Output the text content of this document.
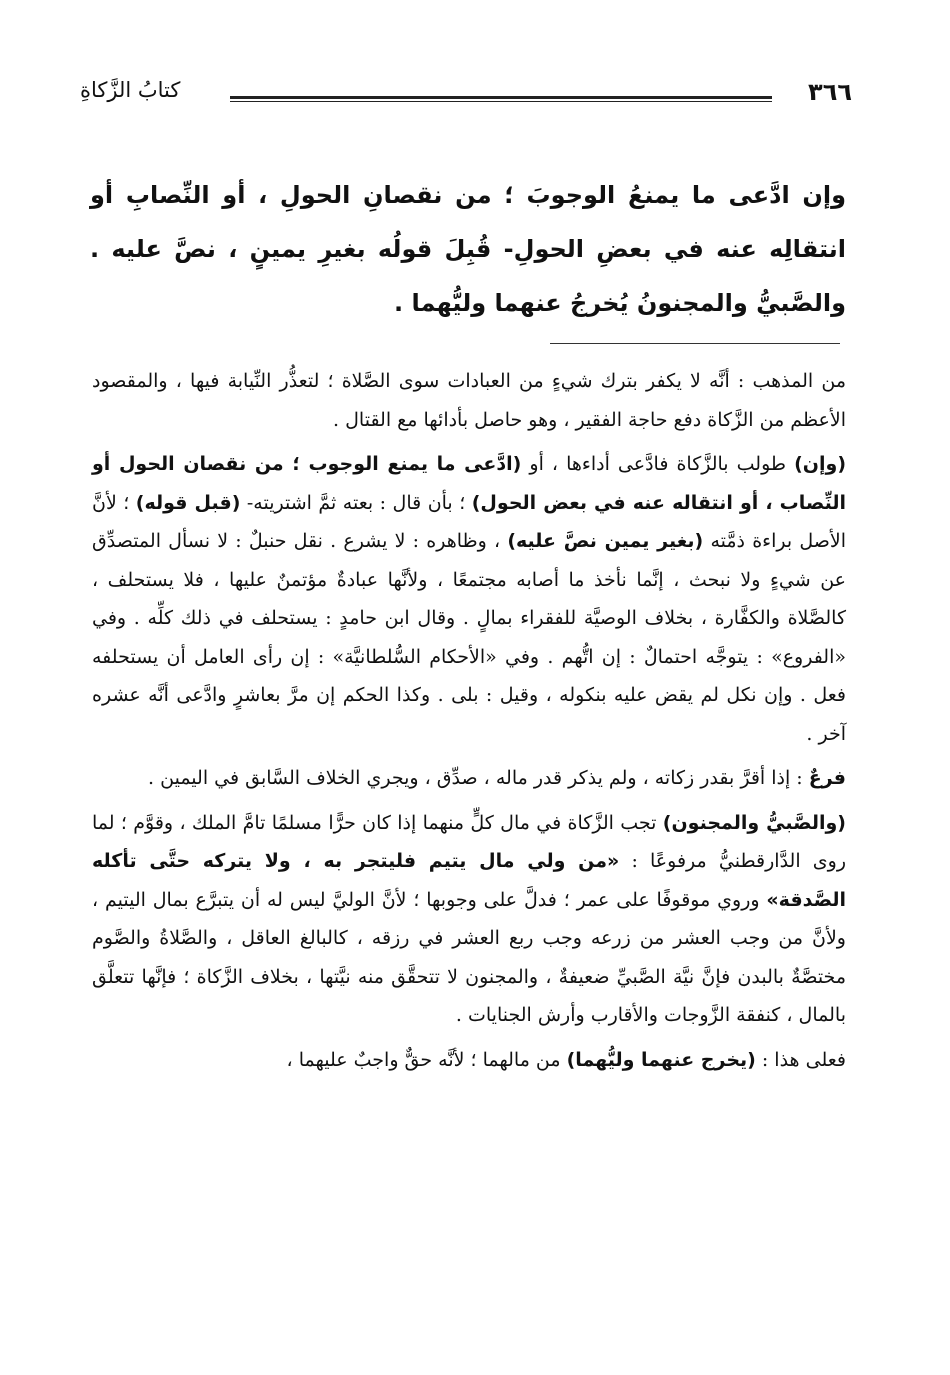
٣٦٦
كتابُ الزَّكاةِ
وإن ادَّعى ما يمنعُ الوجوبَ ؛ من نقصانِ الحولِ ، أو النِّصابِ أو انتقالِه عنه في بعضِ الحولِ- قُبِلَ قولُه بغيرِ يمينٍ ، نصَّ عليه . والصَّبيُّ والمجنونُ يُخرجُ عنهما وليُّهما .

من المذهب : أنَّه لا يكفر بترك شيءٍ من العبادات سوى الصَّلاة ؛ لتعذُّر النِّيابة فيها ، والمقصود الأعظم من الزَّكاة دفع حاجة الفقير ، وهو حاصل بأدائها مع القتال .

(وإن) طولب بالزَّكاة فادَّعى أداءها ، أو (ادَّعى ما يمنع الوجوب ؛ من نقصان الحول أو النِّصاب ، أو انتقاله عنه في بعض الحول) ؛ بأن قال : بعته ثمَّ اشتريته- (قبل قوله) ؛ لأنَّ الأصل براءة ذمَّته (بغير يمين نصَّ عليه) ، وظاهره : لا يشرع . نقل حنبلٌ : لا نسأل المتصدِّق عن شيءٍ ولا نبحث ، إنَّما نأخذ ما أصابه مجتمعًا ، ولأنَّها عبادةٌ مؤتمنٌ عليها ، فلا يستحلف ، كالصَّلاة والكفَّارة ، بخلاف الوصيَّة للفقراء بمالٍ . وقال ابن حامدٍ : يستحلف في ذلك كلِّه . وفي «الفروع» : يتوجَّه احتمالٌ : إن اتُّهم . وفي «الأحكام السُّلطانيَّة» : إن رأى العامل أن يستحلفه فعل . وإن نكل لم يقض عليه بنكوله ، وقيل : بلى . وكذا الحكم إن مرَّ بعاشرٍ وادَّعى أنَّه عشره آخر .

فرعٌ : إذا أقرَّ بقدر زكاته ، ولم يذكر قدر ماله ، صدِّق ، ويجري الخلاف السَّابق في اليمين .

(والصَّبيُّ والمجنون) تجب الزَّكاة في مال كلٍّ منهما إذا كان حرًّا مسلمًا تامَّ الملك ، وقوَّم ؛ لما روى الدَّارقطنيُّ مرفوعًا : «من ولي مال يتيم فليتجر به ، ولا يتركه حتَّى تأكله الصَّدقة» وروي موقوفًا على عمر ؛ فدلَّ على وجوبها ؛ لأنَّ الوليَّ ليس له أن يتبرَّع بمال اليتيم ، ولأنَّ من وجب العشر من زرعه وجب ربع العشر في رزقه ، كالبالغ العاقل ، والصَّلاةُ والصَّوم مختصَّةٌ بالبدن فإنَّ نيَّة الصَّبيِّ ضعيفةٌ ، والمجنون لا تتحقَّق منه نيَّتها ، بخلاف الزَّكاة ؛ فإنَّها تتعلَّق بالمال ، كنفقة الزَّوجات والأقارب وأرش الجنايات .

فعلى هذا : (يخرج عنهما وليُّهما) من مالهما ؛ لأنَّه حقٌّ واجبٌ عليهما ،
